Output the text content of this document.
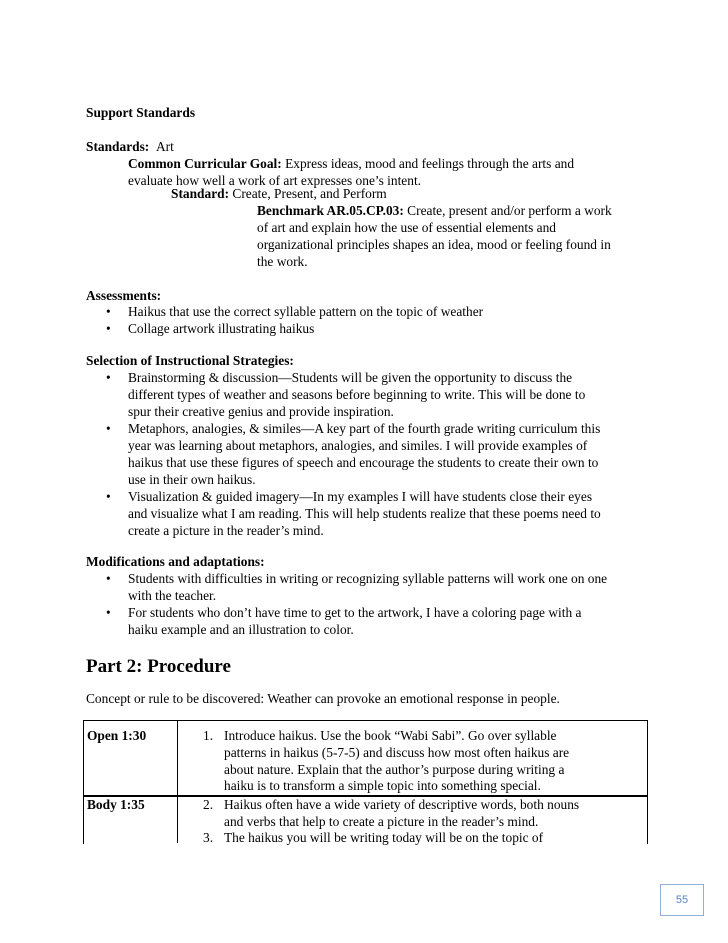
Support Standards
Standards: Art
Common Curricular Goal: Express ideas, mood and feelings through the arts and
evaluate how well a work of art expresses one’s intent.
Standard: Create, Present, and Perform
Benchmark AR.05.CP.03: Create, present and/or perform a work
of art and explain how the use of essential elements and
organizational principles shapes an idea, mood or feeling found in
the work.
Assessments:
• Haikus that use the correct syllable pattern on the topic of weather
• Collage artwork illustrating haikus
Selection of Instructional Strategies:
• Brainstorming & discussion—Students will be given the opportunity to discuss the
different types of weather and seasons before beginning to write. This will be done to
spur their creative genius and provide inspiration.
• Metaphors, analogies, & similes—A key part of the fourth grade writing curriculum this
year was learning about metaphors, analogies, and similes. I will provide examples of
haikus that use these figures of speech and encourage the students to create their own to
use in their own haikus.
• Visualization & guided imagery—In my examples I will have students close their eyes
and visualize what I am reading. This will help students realize that these poems need to
create a picture in the reader’s mind.
Modifications and adaptations:
• Students with difficulties in writing or recognizing syllable patterns will work one on one
with the teacher.
• For students who don’t have time to get to the artwork, I have a coloring page with a
haiku example and an illustration to color.
Part 2: Procedure
Concept or rule to be discovered: Weather can provoke an emotional response in people.
Open 1:30	1. Introduce haikus. Use the book “Wabi Sabi”. Go over syllable
patterns in haikus (5-7-5) and discuss how most often haikus are
about nature. Explain that the author’s purpose during writing a
haiku is to transform a simple topic into something special.
Body 1:35	2. Haikus often have a wide variety of descriptive words, both nouns
and verbs that help to create a picture in the reader’s mind.
3. The haikus you will be writing today will be on the topic of
55
